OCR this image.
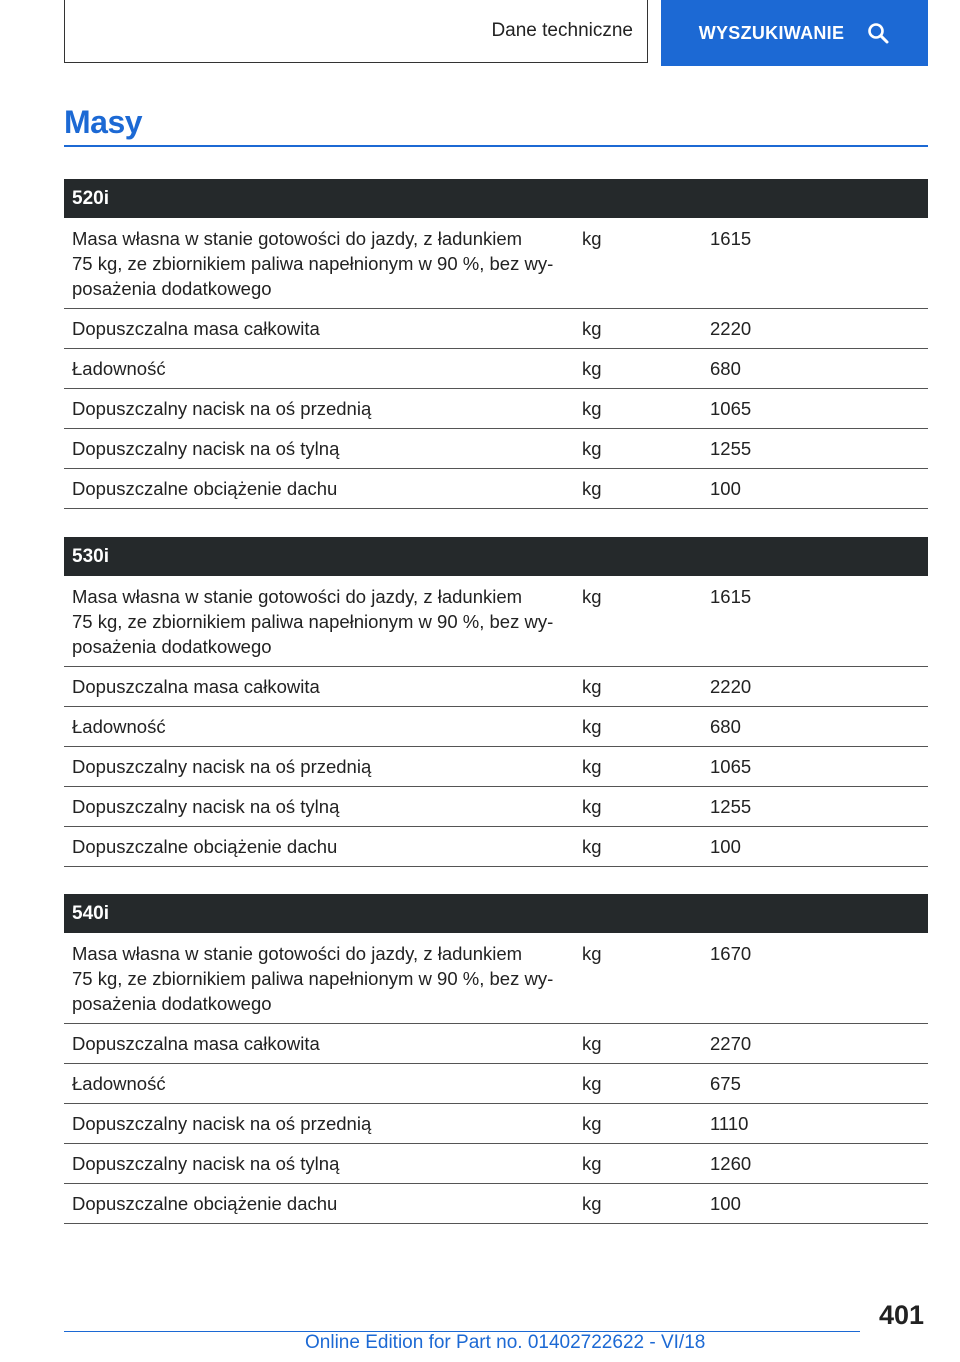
Dane techniczne	WYSZUKIWANIE
Masy
520i
Masa własna w stanie gotowości do jazdy, z ładunkiem
75 kg, ze zbiornikiem paliwa napełnionym w 90 %, bez wy-
posażenia dodatkowego
kg	1615
Dopuszczalna masa całkowita	kg	2220
Ładowność	kg	680
Dopuszczalny nacisk na oś przednią	kg	1065
Dopuszczalny nacisk na oś tylną	kg	1255
Dopuszczalne obciążenie dachu	kg	100
530i
Masa własna w stanie gotowości do jazdy, z ładunkiem
75 kg, ze zbiornikiem paliwa napełnionym w 90 %, bez wy-
posażenia dodatkowego
kg	1615
Dopuszczalna masa całkowita	kg	2220
Ładowność	kg	680
Dopuszczalny nacisk na oś przednią	kg	1065
Dopuszczalny nacisk na oś tylną	kg	1255
Dopuszczalne obciążenie dachu	kg	100
540i
Masa własna w stanie gotowości do jazdy, z ładunkiem
75 kg, ze zbiornikiem paliwa napełnionym w 90 %, bez wy-
posażenia dodatkowego
kg	1670
Dopuszczalna masa całkowita	kg	2270
Ładowność	kg	675
Dopuszczalny nacisk na oś przednią	kg	1110
Dopuszczalny nacisk na oś tylną	kg	1260
Dopuszczalne obciążenie dachu	kg	100
401
Online Edition for Part no. 01402722622 - VI/18
